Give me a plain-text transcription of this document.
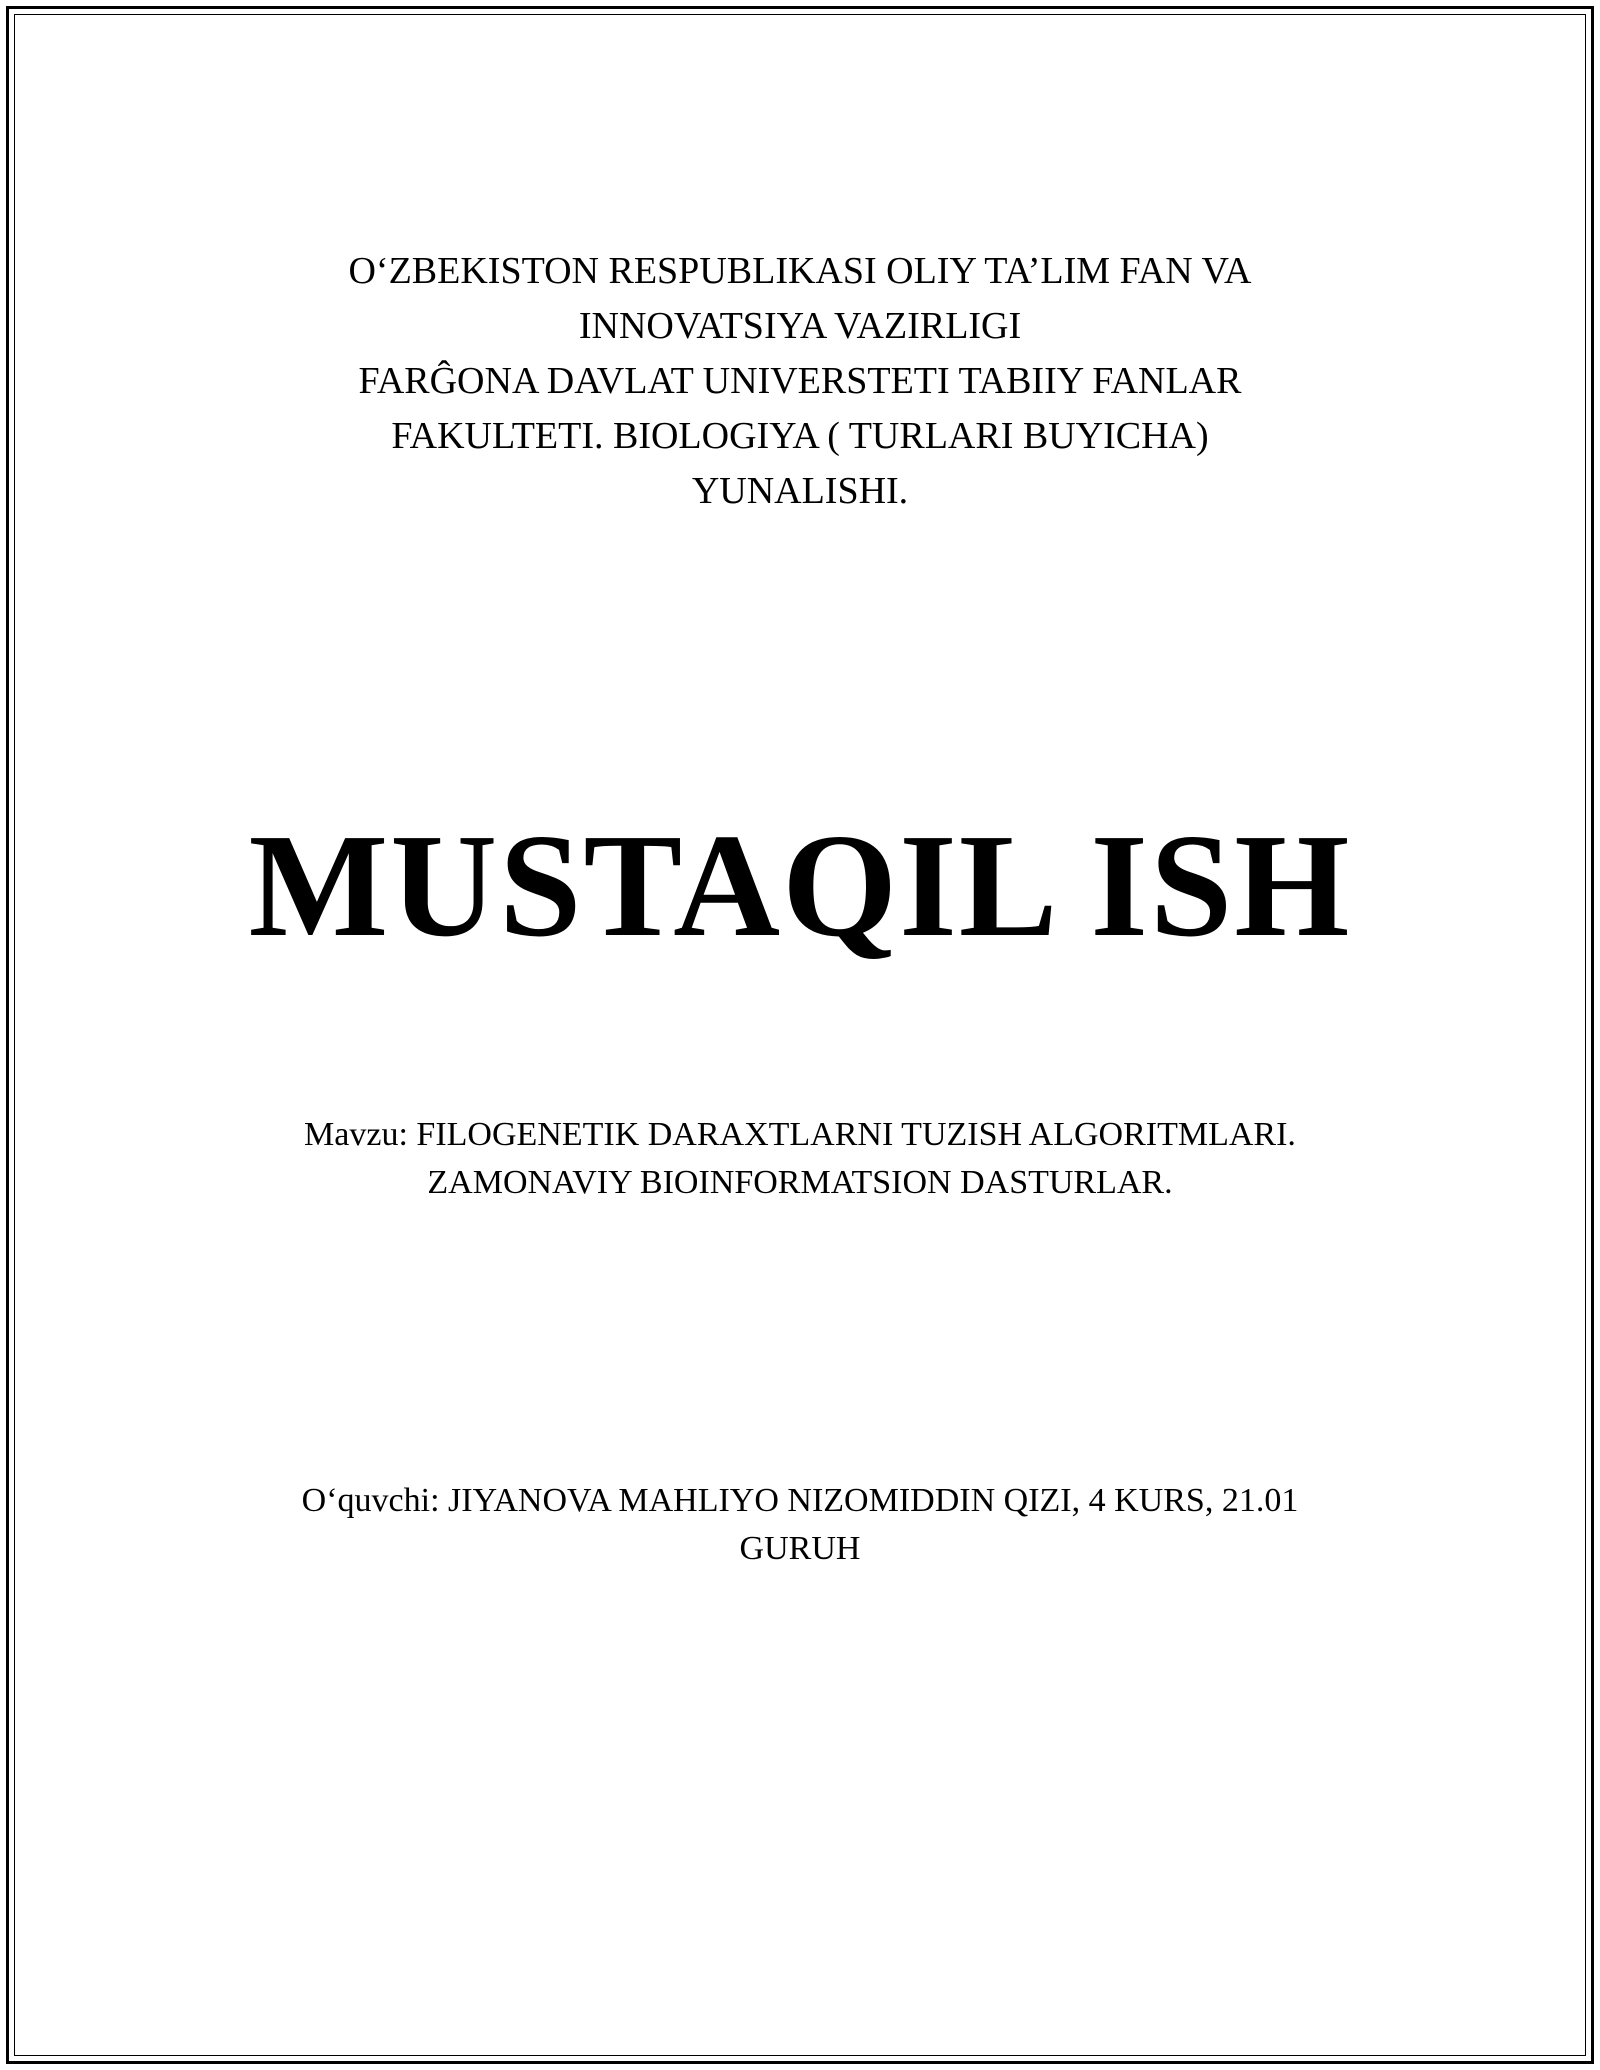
O‘ZBEKISTON RESPUBLIKASI OLIY TA’LIM FAN VA
INNOVATSIYA VAZIRLIGI
FARĜONA DAVLAT UNIVERSTETI TABIIY FANLAR
FAKULTETI. BIOLOGIYA ( TURLARI BUYICHA)
YUNALISHI.
MUSTAQIL ISH
Mavzu: FILOGENETIK DARAXTLARNI TUZISH ALGORITMLARI.
ZAMONAVIY BIOINFORMATSION DASTURLAR.
O‘quvchi: JIYANOVA MAHLIYO NIZOMIDDIN QIZI, 4 KURS, 21.01
GURUH
